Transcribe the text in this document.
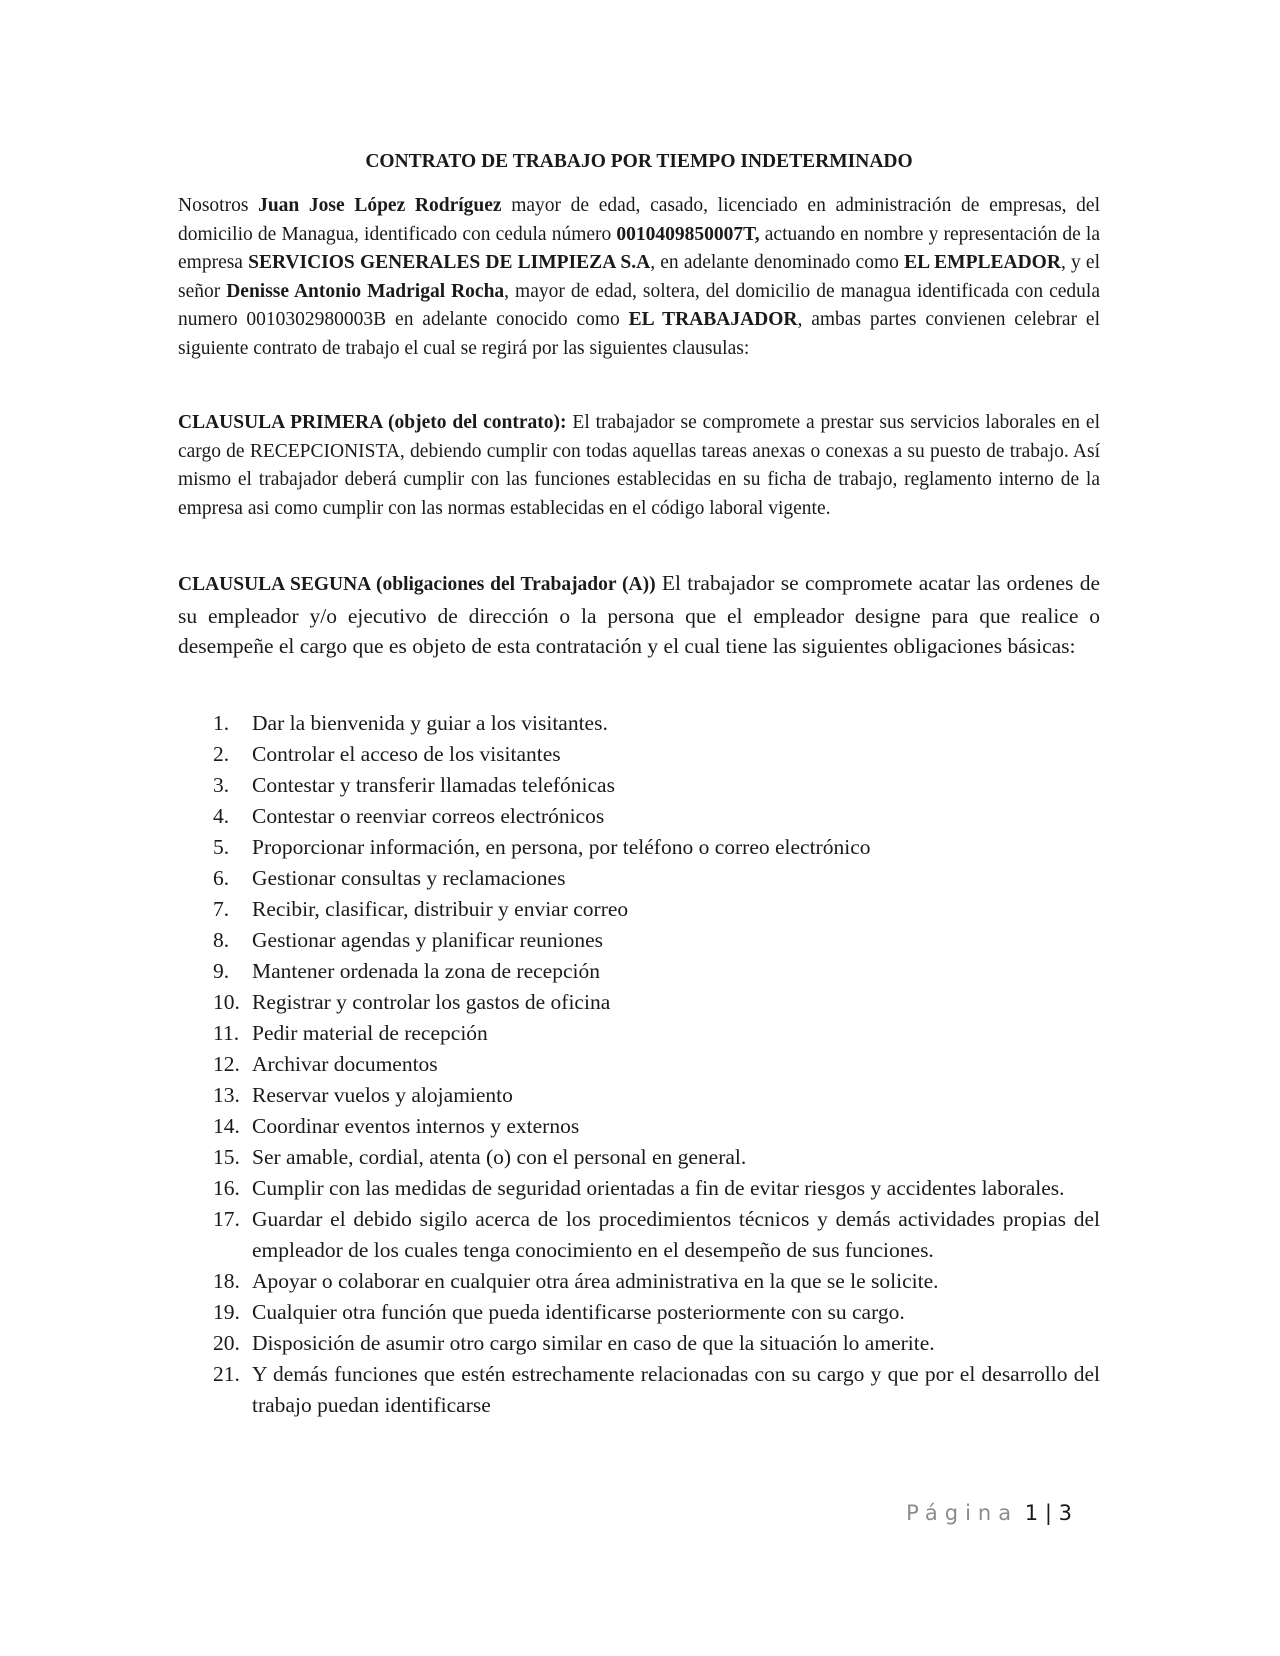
CONTRATO DE TRABAJO POR TIEMPO INDETERMINADO

Nosotros Juan Jose López Rodríguez mayor de edad, casado, licenciado en administración de empresas, del domicilio de Managua, identificado con cedula número 0010409850007T, actuando en nombre y representación de la empresa SERVICIOS GENERALES DE LIMPIEZA S.A, en adelante denominado como EL EMPLEADOR, y el señor Denisse Antonio Madrigal Rocha, mayor de edad, soltera, del domicilio de managua identificada con cedula numero 0010302980003B en adelante conocido como EL TRABAJADOR, ambas partes convienen celebrar el siguiente contrato de trabajo el cual se regirá por las siguientes clausulas:

CLAUSULA PRIMERA (objeto del contrato): El trabajador se compromete a prestar sus servicios laborales en el cargo de RECEPCIONISTA, debiendo cumplir con todas aquellas tareas anexas o conexas a su puesto de trabajo. Así mismo el trabajador deberá cumplir con las funciones establecidas en su ficha de trabajo, reglamento interno de la empresa asi como cumplir con las normas establecidas en el código laboral vigente.

CLAUSULA SEGUNA (obligaciones del Trabajador (A)) El trabajador se compromete acatar las ordenes de su empleador y/o ejecutivo de dirección o la persona que el empleador designe para que realice o desempeñe el cargo que es objeto de esta contratación y el cual tiene las siguientes obligaciones básicas:

1. Dar la bienvenida y guiar a los visitantes.
2. Controlar el acceso de los visitantes
3. Contestar y transferir llamadas telefónicas
4. Contestar o reenviar correos electrónicos
5. Proporcionar información, en persona, por teléfono o correo electrónico
6. Gestionar consultas y reclamaciones
7. Recibir, clasificar, distribuir y enviar correo
8. Gestionar agendas y planificar reuniones
9. Mantener ordenada la zona de recepción
10. Registrar y controlar los gastos de oficina
11. Pedir material de recepción
12. Archivar documentos
13. Reservar vuelos y alojamiento
14. Coordinar eventos internos y externos
15. Ser amable, cordial, atenta (o) con el personal en general.
16. Cumplir con las medidas de seguridad orientadas a fin de evitar riesgos y accidentes laborales.
17. Guardar el debido sigilo acerca de los procedimientos técnicos y demás actividades propias del empleador de los cuales tenga conocimiento en el desempeño de sus funciones.
18. Apoyar o colaborar en cualquier otra área administrativa en la que se le solicite.
19. Cualquier otra función que pueda identificarse posteriormente con su cargo.
20. Disposición de asumir otro cargo similar en caso de que la situación lo amerite.
21. Y demás funciones que estén estrechamente relacionadas con su cargo y que por el desarrollo del trabajo puedan identificarse
Página 1 | 3
